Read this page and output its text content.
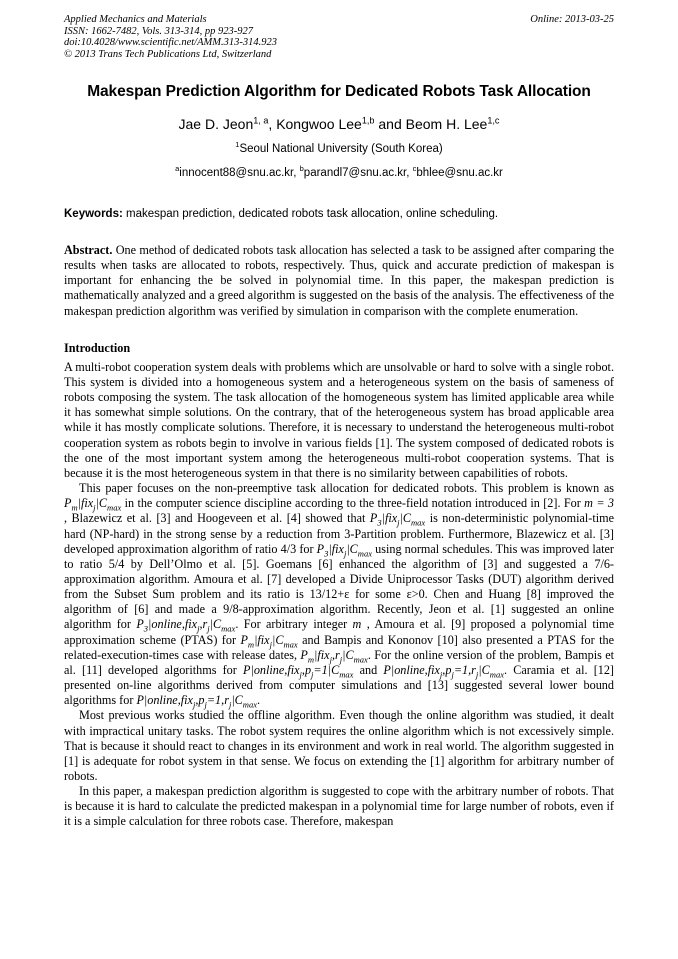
Applied Mechanics and Materials
ISSN: 1662-7482, Vols. 313-314, pp 923-927
doi:10.4028/www.scientific.net/AMM.313-314.923
© 2013 Trans Tech Publications Ltd, Switzerland
Online: 2013-03-25
Makespan Prediction Algorithm for Dedicated Robots Task Allocation
Jae D. Jeon$^{1, a}$, Kongwoo Lee$^{1,b}$ and Beom H. Lee$^{1,c}$
$^1$Seoul National University (South Korea)
$^a$innocent88@snu.ac.kr, $^b$parandl7@snu.ac.kr, $^c$bhlee@snu.ac.kr
Keywords: makespan prediction, dedicated robots task allocation, online scheduling.
Abstract. One method of dedicated robots task allocation has selected a task to be assigned after comparing the results when tasks are allocated to robots, respectively. Thus, quick and accurate prediction of makespan is important for enhancing the be solved in polynomial time. In this paper, the makespan prediction is mathematically analyzed and a greed algorithm is suggested on the basis of the analysis. The effectiveness of the makespan prediction algorithm was verified by simulation in comparison with the complete enumeration.
Introduction

A multi-robot cooperation system deals with problems which are unsolvable or hard to solve with a single robot. This system is divided into a homogeneous system and a heterogeneous system on the basis of sameness of robots composing the system. The task allocation of the homogeneous system has limited applicable area while it has somewhat simple solutions. On the contrary, that of the heterogeneous system has broad applicable area while it has mostly complicate solutions. Therefore, it is necessary to understand the heterogeneous multi-robot cooperation system as robots begin to involve in various fields [1]. The system composed of dedicated robots is the one of the most important system among the heterogeneous multi-robot cooperation systems. That is because it is the most heterogeneous system in that there is no similarity between capabilities of robots.

This paper focuses on the non-preemptive task allocation for dedicated robots. This problem is known as $P_m|fix_j|C_{max}$ in the computer science discipline according to the three-field notation introduced in [2]. For m = 3 , Blazewicz et al. [3] and Hoogeveen et al. [4] showed that $P_3|fix_j|C_{max}$ is non-deterministic polynomial-time hard (NP-hard) in the strong sense by a reduction from 3-Partition problem. Furthermore, Blazewicz et al. [3] developed approximation algorithm of ratio 4/3 for $P_3|fix_j|C_{max}$ using normal schedules. This was improved later to ratio 5/4 by Dell’Olmo et al. [5]. Goemans [6] enhanced the algorithm of [3] and suggested a 7/6-approximation algorithm. Amoura et al. [7] developed a Divide Uniprocessor Tasks (DUT) algorithm derived from the Subset Sum problem and its ratio is 13/12+ε for some ε>0. Chen and Huang [8] improved the algorithm of [6] and made a 9/8-approximation algorithm. Recently, Jeon et al. [1] suggested an online algorithm for $P_3|online,fix_j,r_j|C_{max}$. For arbitrary integer m , Amoura et al. [9] proposed a polynomial time approximation scheme (PTAS) for $P_m|fix_j|C_{max}$ and Bampis and Kononov [10] also presented a PTAS for the related-execution-times case with release dates, $P_m|fix_j,r_j|C_{max}$. For the online version of the problem, Bampis et al. [11] developed algorithms for $P|online,fix_j,p_j=1|C_{max}$ and $P|online,fix_j,p_j=1,r_j|C_{max}$. Caramia et al. [12] presented on-line algorithms derived from computer simulations and [13] suggested several lower bound algorithms for $P|online,fix_j,p_j=1,r_j|C_{max}$.

Most previous works studied the offline algorithm. Even though the online algorithm was studied, it dealt with impractical unitary tasks. The robot system requires the online algorithm which is not excessively simple. That is because it should react to changes in its environment and work in real world. The algorithm suggested in [1] is adequate for robot system in that sense. We focus on extending the [1] algorithm for arbitrary number of robots.

In this paper, a makespan prediction algorithm is suggested to cope with the arbitrary number of robots. That is because it is hard to calculate the predicted makespan in a polynomial time for large number of robots, even if it is a simple calculation for three robots case. Therefore, makespan
